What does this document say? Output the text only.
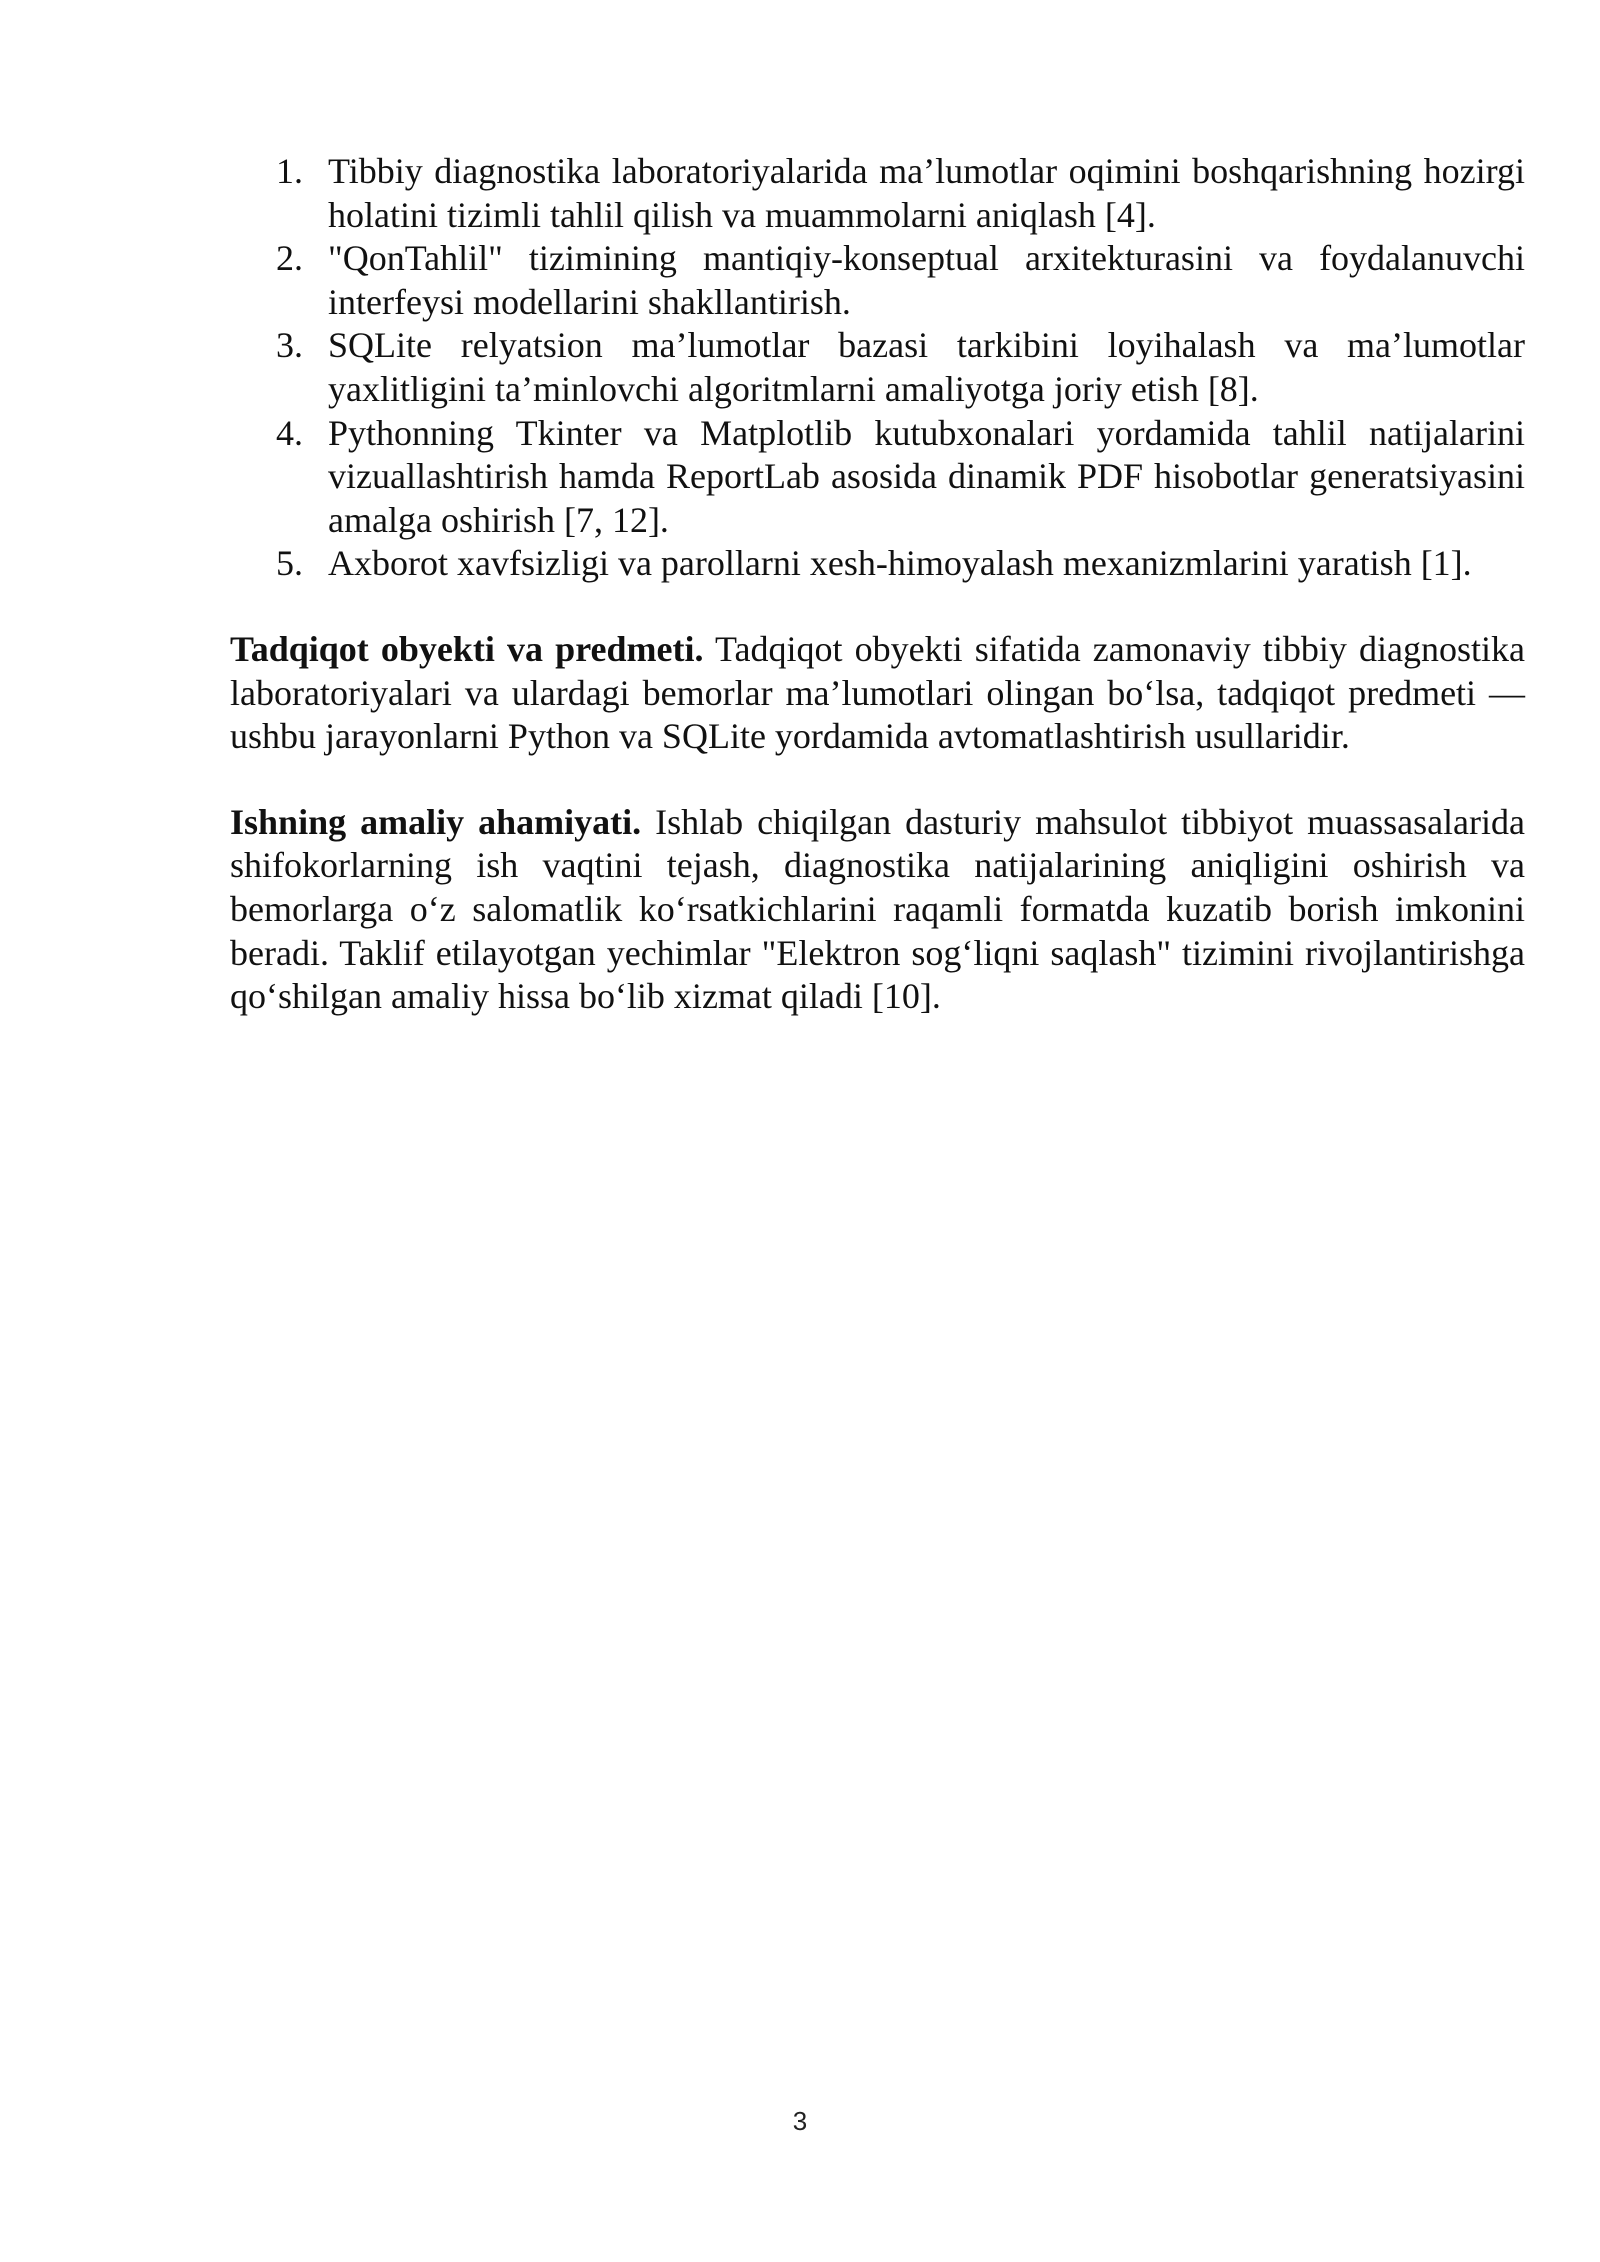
1. Tibbiy diagnostika laboratoriyalarida ma’lumotlar oqimini boshqarishning hozirgi holatini tizimli tahlil qilish va muammolarni aniqlash [4].
2. "QonTahlil" tizimining mantiqiy-konseptual arxitekturasini va foydalanuvchi interfeysi modellarini shakllantirish.
3. SQLite relyatsion ma’lumotlar bazasi tarkibini loyihalash va ma’lumotlar yaxlitligini ta’minlovchi algoritmlarni amaliyotga joriy etish [8].
4. Pythonning Tkinter va Matplotlib kutubxonalari yordamida tahlil natijalarini vizuallashtirish hamda ReportLab asosida dinamik PDF hisobotlar generatsiyasini amalga oshirish [7, 12].
5. Axborot xavfsizligi va parollarni xesh-himoyalash mexanizmlarini yaratish [1].

Tadqiqot obyekti va predmeti. Tadqiqot obyekti sifatida zamonaviy tibbiy diagnostika laboratoriyalari va ulardagi bemorlar ma’lumotlari olingan bo‘lsa, tadqiqot predmeti — ushbu jarayonlarni Python va SQLite yordamida avtomatlashtirish usullaridir.

Ishning amaliy ahamiyati. Ishlab chiqilgan dasturiy mahsulot tibbiyot muassasalarida shifokorlarning ish vaqtini tejash, diagnostika natijalarining aniqligini oshirish va bemorlarga o‘z salomatlik ko‘rsatkichlarini raqamli formatda kuzatib borish imkonini beradi. Taklif etilayotgan yechimlar "Elektron sog‘liqni saqlash" tizimini rivojlantirishga qo‘shilgan amaliy hissa bo‘lib xizmat qiladi [10].

3
